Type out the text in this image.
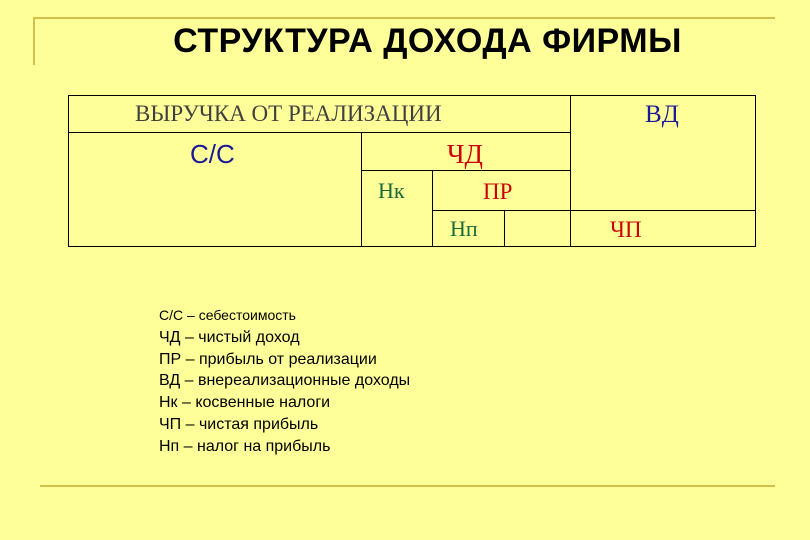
СТРУКТУРА ДОХОДА ФИРМЫ
ВЫРУЧКА ОТ РЕАЛИЗАЦИИ	ВД
С/С	ЧД
Нк	ПР
Нп	ЧП
С/С – себестоимость
ЧД – чистый доход
ПР – прибыль от реализации
ВД – внереализационные доходы
Нк – косвенные налоги
ЧП – чистая прибыль
Нп – налог на прибыль
